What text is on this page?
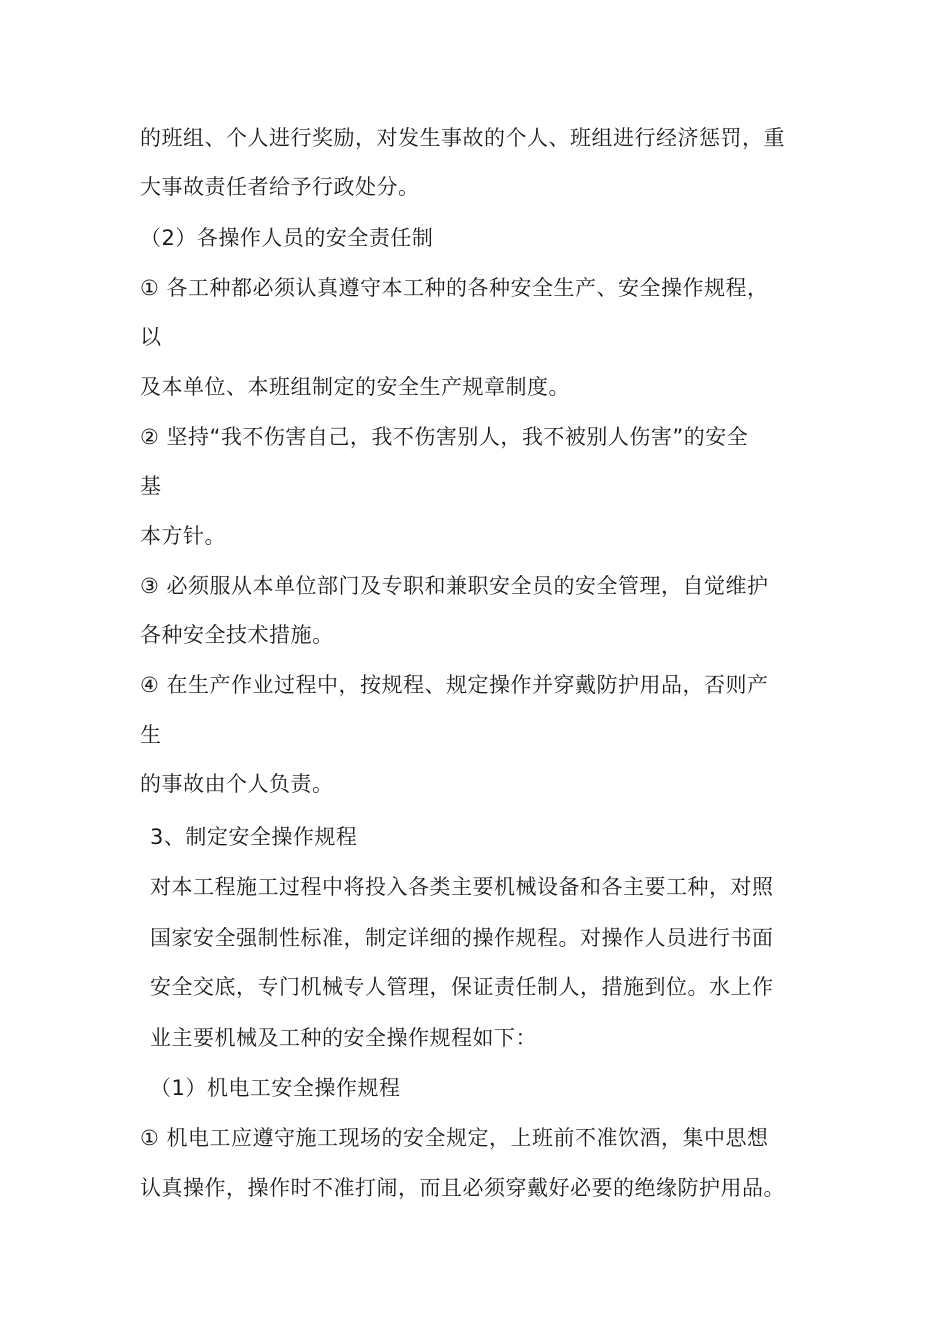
的班组、个人进行奖励，对发生事故的个人、班组进行经济惩罚，重
大事故责任者给予行政处分。
（2）各操作人员的安全责任制
① 各工种都必须认真遵守本工种的各种安全生产、安全操作规程，
以
及本单位、本班组制定的安全生产规章制度。
② 坚持“我不伤害自己，我不伤害别人，我不被别人伤害”的安全
基
本方针。
③ 必须服从本单位部门及专职和兼职安全员的安全管理，自觉维护
各种安全技术措施。
④ 在生产作业过程中，按规程、规定操作并穿戴防护用品，否则产
生
的事故由个人负责。
3、制定安全操作规程
对本工程施工过程中将投入各类主要机械设备和各主要工种，对照
国家安全强制性标准，制定详细的操作规程。对操作人员进行书面
安全交底，专门机械专人管理，保证责任制人，措施到位。水上作
业主要机械及工种的安全操作规程如下：
（1）机电工安全操作规程
① 机电工应遵守施工现场的安全规定，上班前不准饮酒，集中思想
认真操作，操作时不准打闹，而且必须穿戴好必要的绝缘防护用品。
